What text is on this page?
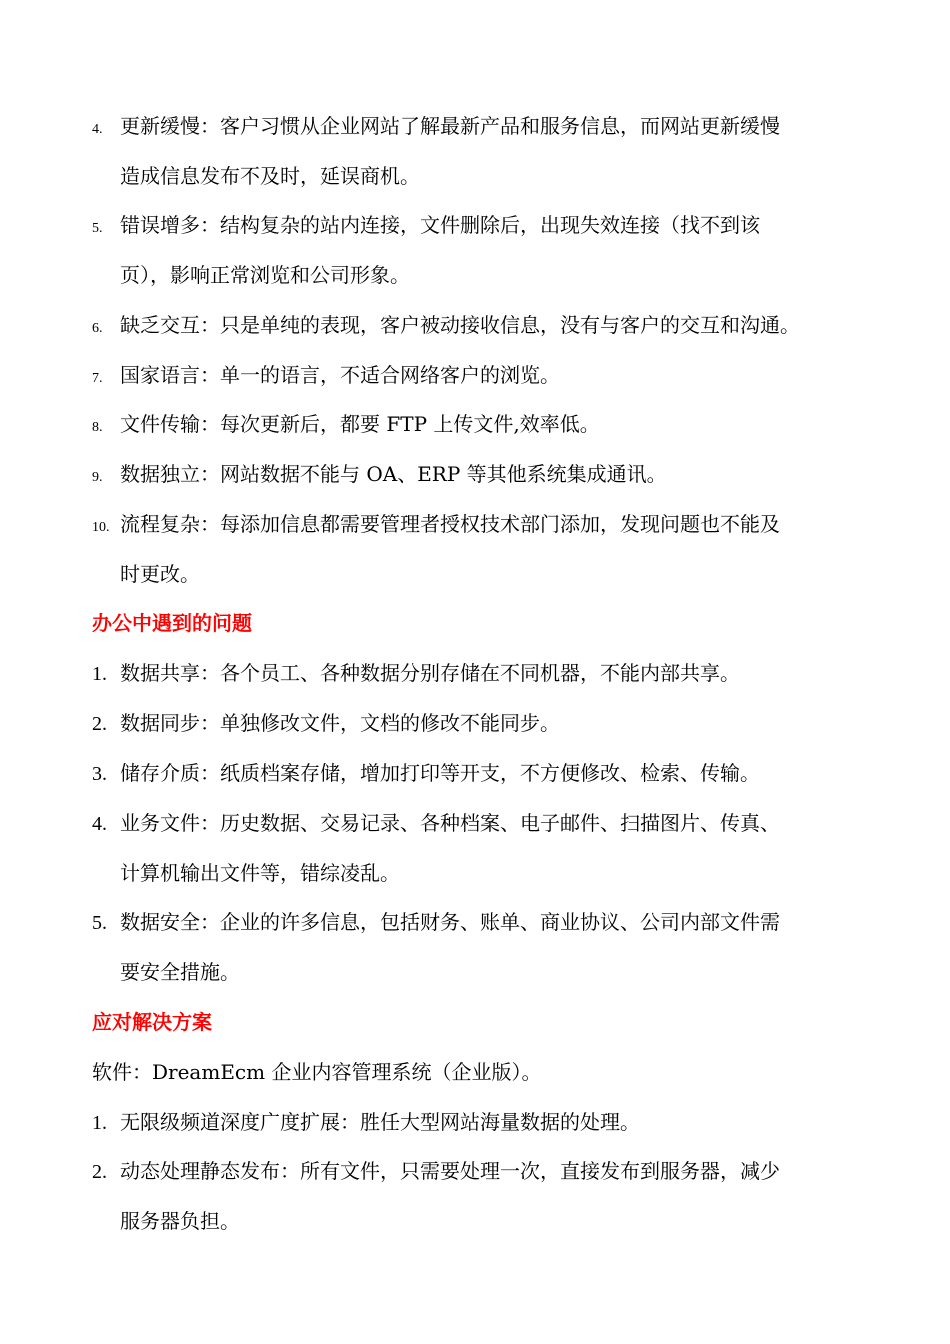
4. 更新缓慢：客户习惯从企业网站了解最新产品和服务信息，而网站更新缓慢
造成信息发布不及时，延误商机。
5. 错误增多：结构复杂的站内连接，文件删除后，出现失效连接（找不到该
页），影响正常浏览和公司形象。
6. 缺乏交互：只是单纯的表现，客户被动接收信息，没有与客户的交互和沟通。
7. 国家语言：单一的语言，不适合网络客户的浏览。
8. 文件传输：每次更新后，都要 FTP 上传文件,效率低。
9. 数据独立：网站数据不能与 OA、ERP 等其他系统集成通讯。
10. 流程复杂：每添加信息都需要管理者授权技术部门添加，发现问题也不能及
时更改。
办公中遇到的问题
1. 数据共享：各个员工、各种数据分别存储在不同机器，不能内部共享。
2. 数据同步：单独修改文件，文档的修改不能同步。
3. 储存介质：纸质档案存储，增加打印等开支，不方便修改、检索、传输。
4. 业务文件：历史数据、交易记录、各种档案、电子邮件、扫描图片、传真、
计算机输出文件等，错综凌乱。
5. 数据安全：企业的许多信息，包括财务、账单、商业协议、公司内部文件需
要安全措施。
应对解决方案
软件：DreamEcm 企业内容管理系统（企业版）。
1. 无限级频道深度广度扩展：胜任大型网站海量数据的处理。
2. 动态处理静态发布：所有文件，只需要处理一次，直接发布到服务器，减少
服务器负担。
